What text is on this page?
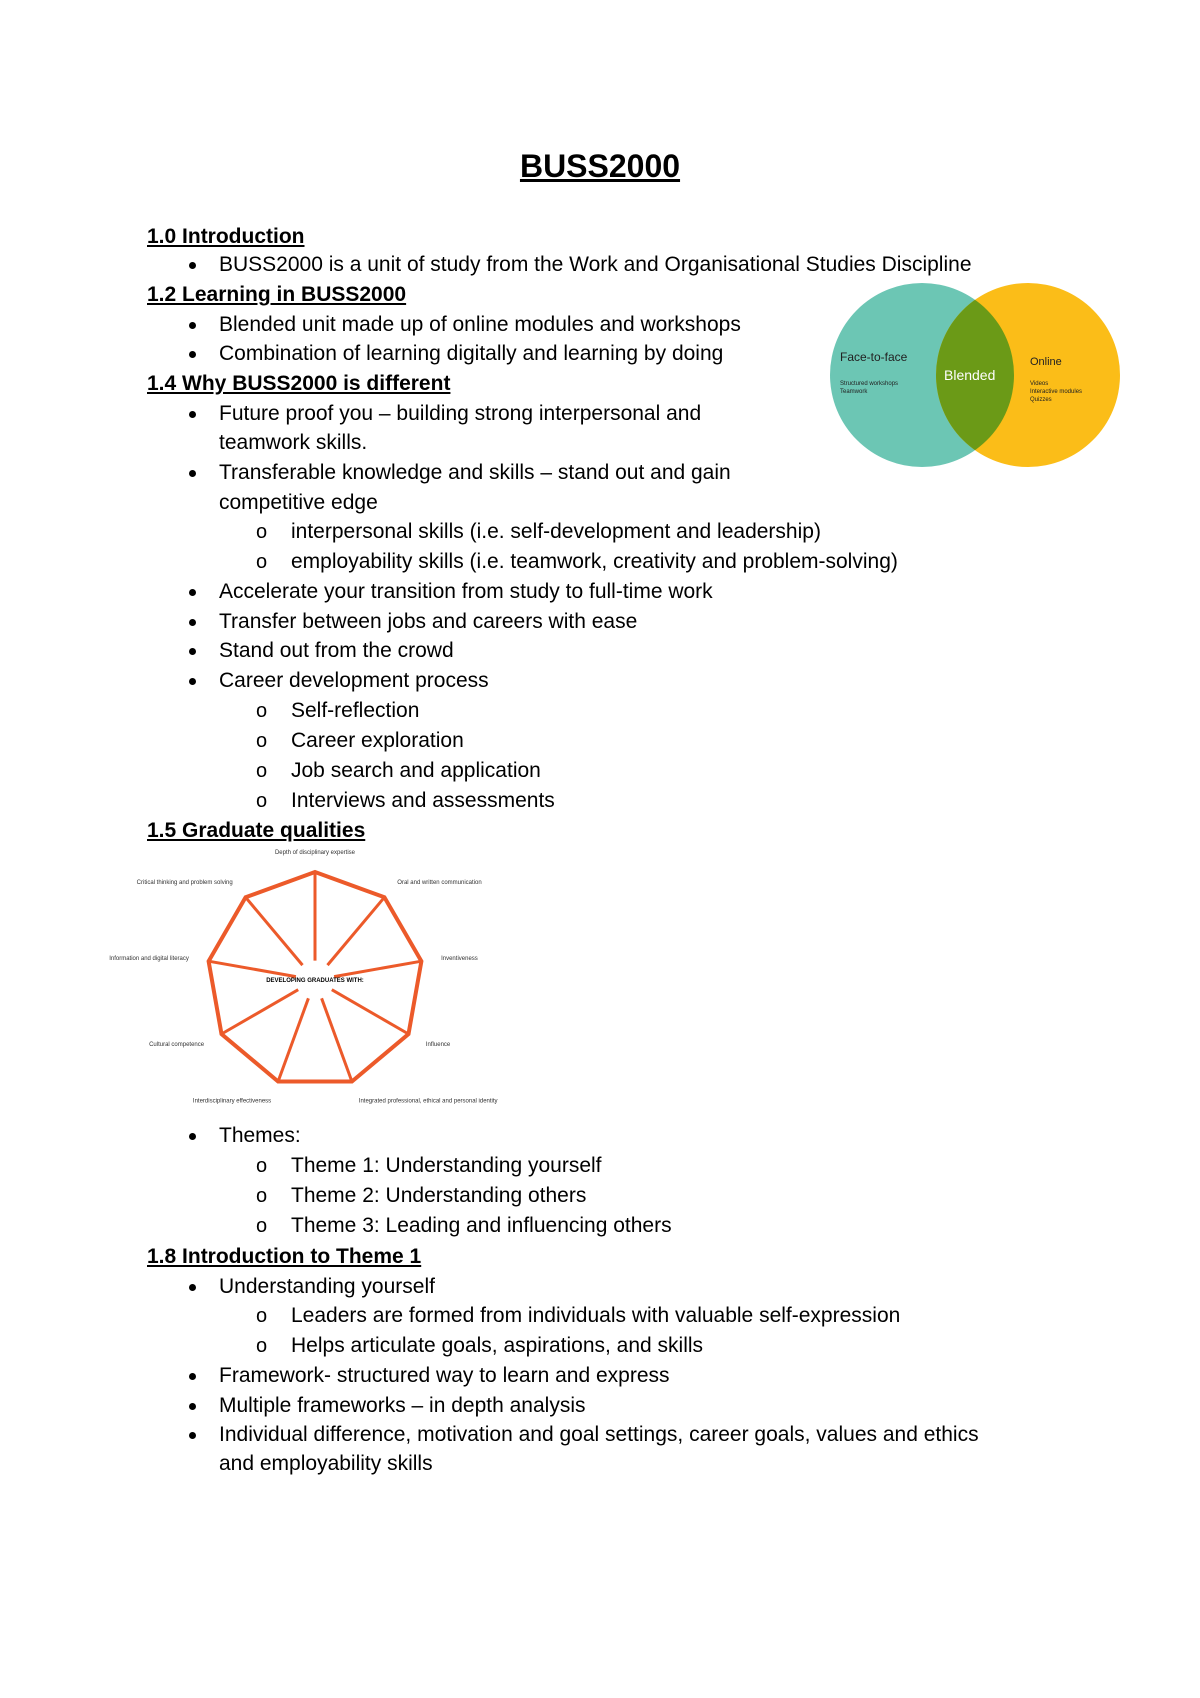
BUSS2000
1.0 Introduction
BUSS2000 is a unit of study from the Work and Organisational Studies Discipline
1.2 Learning in BUSS2000
Blended unit made up of online modules and workshops
Combination of learning digitally and learning by doing	Face-to-face
Structured workshops
Teamwork
Blended
Online
Videos
Interactive modules
Quizzes
1.4 Why BUSS2000 is different
Future proof you – building strong interpersonal and
teamwork skills.
Transferable knowledge and skills – stand out and gain
competitive edge
o interpersonal skills (i.e. self-development and leadership)
o employability skills (i.e. teamwork, creativity and problem-solving)
Accelerate your transition from study to full-time work
Transfer between jobs and careers with ease
Stand out from the crowd
Career development process
o Self-reflection
o Career exploration
o Job search and application
o Interviews and assessments
1.5 Graduate qualities
Depth of disciplinary expertise
Oral and written communication
Inventiveness
Influence
Integrated professional, ethical and personal identity
Interdisciplinary effectiveness
Cultural competence
Information and digital literacy
Critical thinking and problem solving
DEVELOPING GRADUATES WITH:
Themes:
o Theme 1: Understanding yourself
o Theme 2: Understanding others
o Theme 3: Leading and influencing others
1.8 Introduction to Theme 1
Understanding yourself
o Leaders are formed from individuals with valuable self-expression
o Helps articulate goals, aspirations, and skills
Framework- structured way to learn and express
Multiple frameworks – in depth analysis
Individual difference, motivation and goal settings, career goals, values and ethics
and employability skills
